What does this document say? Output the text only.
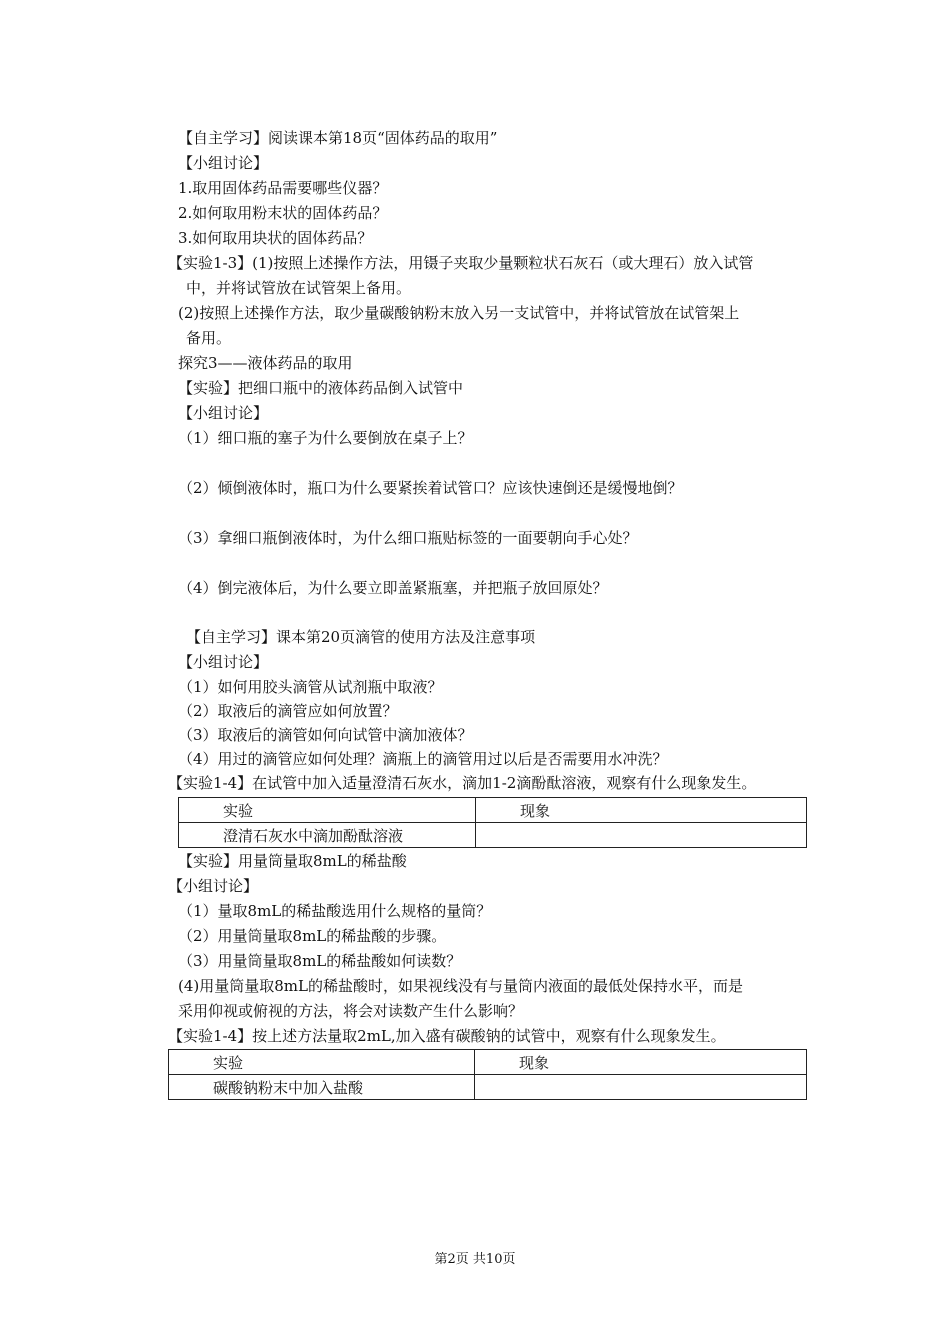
【自主学习】阅读课本第18页“固体药品的取用”
【小组讨论】
1.取用固体药品需要哪些仪器？
2.如何取用粉末状的固体药品？
3.如何取用块状的固体药品？
【实验1-3】(1)按照上述操作方法，用镊子夹取少量颗粒状石灰石（或大理石）放入试管
中，并将试管放在试管架上备用。
(2)按照上述操作方法，取少量碳酸钠粉末放入另一支试管中，并将试管放在试管架上
备用。
探究3——液体药品的取用
【实验】把细口瓶中的液体药品倒入试管中
【小组讨论】
（1）细口瓶的塞子为什么要倒放在桌子上？
（2）倾倒液体时，瓶口为什么要紧挨着试管口？应该快速倒还是缓慢地倒？
（3）拿细口瓶倒液体时，为什么细口瓶贴标签的一面要朝向手心处？
（4）倒完液体后，为什么要立即盖紧瓶塞，并把瓶子放回原处？
【自主学习】课本第20页滴管的使用方法及注意事项
【小组讨论】
（1）如何用胶头滴管从试剂瓶中取液？
（2）取液后的滴管应如何放置？
（3）取液后的滴管如何向试管中滴加液体？
（4）用过的滴管应如何处理？滴瓶上的滴管用过以后是否需要用水冲洗？
【实验1-4】在试管中加入适量澄清石灰水，滴加1-2滴酚酞溶液，观察有什么现象发生。
实验	现象
澄清石灰水中滴加酚酞溶液	
【实验】用量筒量取8mL的稀盐酸
【小组讨论】
（1）量取8mL的稀盐酸选用什么规格的量筒？
（2）用量筒量取8mL的稀盐酸的步骤。
（3）用量筒量取8mL的稀盐酸如何读数？
(4)用量筒量取8mL的稀盐酸时，如果视线没有与量筒内液面的最低处保持水平，而是
采用仰视或俯视的方法，将会对读数产生什么影响？
【实验1-4】按上述方法量取2mL,加入盛有碳酸钠的试管中，观察有什么现象发生。
实验	现象
碳酸钠粉末中加入盐酸	
第2页 共10页
